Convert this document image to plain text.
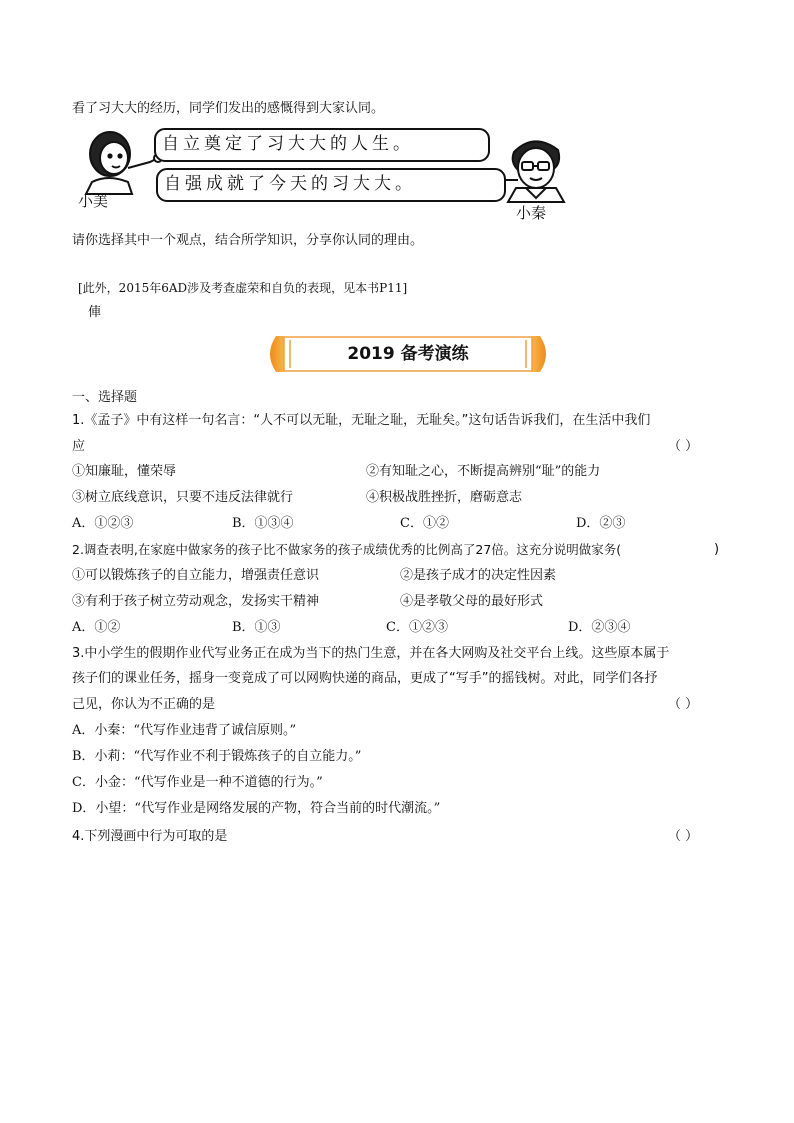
看了习大大的经历，同学们发出的感慨得到大家认同。
自立奠定了习大大的人生。
自强成就了今天的习大大。
小美
小秦
请你选择其中一个观点，结合所学知识，分享你认同的理由。
[此外，2015年6AD涉及考查虚荣和自负的表现，见本书P11]
俥
2019 备考演练
一、选择题
1.《孟子》中有这样一句名言：“人不可以无耻，无耻之耻，无耻矣。”这句话告诉我们，在生活中我们
应	（ ）
①知廉耻，懂荣辱	②有知耻之心，不断提高辨别“耻”的能力
③树立底线意识，只要不违反法律就行	④积极战胜挫折，磨砺意志
A．①②③	B．①③④	C．①②	D．②③
2.调查表明,在家庭中做家务的孩子比不做家务的孩子成绩优秀的比例高了27倍。这充分说明做家务(	)
①可以锻炼孩子的自立能力，增强责任意识	②是孩子成才的决定性因素
③有利于孩子树立劳动观念，发扬实干精神	④是孝敬父母的最好形式
A．①②	B．①③	C．①②③	D．②③④
3.中小学生的假期作业代写业务正在成为当下的热门生意，并在各大网购及社交平台上线。这些原本属于
孩子们的课业任务，摇身一变竟成了可以网购快递的商品，更成了“写手”的摇钱树。对此，同学们各抒
己见，你认为不正确的是	（ ）
A．小秦：“代写作业违背了诚信原则。”
B．小莉：“代写作业不利于锻炼孩子的自立能力。”
C．小金：“代写作业是一种不道德的行为。”
D．小望：“代写作业是网络发展的产物，符合当前的时代潮流。”
4.下列漫画中行为可取的是	（ ）
